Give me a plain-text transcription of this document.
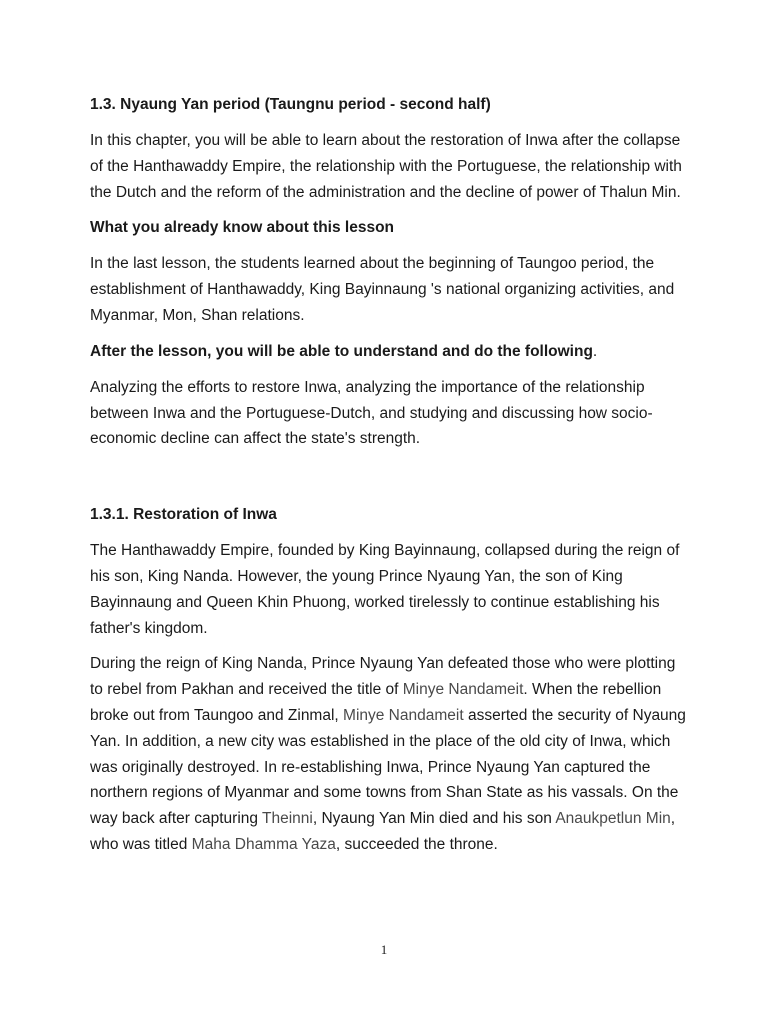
1.3. Nyaung Yan period (Taungnu period - second half)

In this chapter, you will be able to learn about the restoration of Inwa after the collapse of the Hanthawaddy Empire, the relationship with the Portuguese, the relationship with the Dutch and the reform of the administration and the decline of power of Thalun Min.

What you already know about this lesson

In the last lesson, the students learned about the beginning of Taungoo period, the establishment of Hanthawaddy, King Bayinnaung 's national organizing activities, and Myanmar, Mon, Shan relations.

After the lesson, you will be able to understand and do the following.

Analyzing the efforts to restore Inwa, analyzing the importance of the relationship between Inwa and the Portuguese-Dutch, and studying and discussing how socio-economic decline can affect the state's strength.

1.3.1. Restoration of Inwa

The Hanthawaddy Empire, founded by King Bayinnaung, collapsed during the reign of his son, King Nanda. However, the young Prince Nyaung Yan, the son of King Bayinnaung and Queen Khin Phuong, worked tirelessly to continue establishing his father's kingdom.

During the reign of King Nanda, Prince Nyaung Yan defeated those who were plotting to rebel from Pakhan and received the title of Minye Nandameit. When the rebellion broke out from Taungoo and Zinmal, Minye Nandameit asserted the security of Nyaung Yan. In addition, a new city was established in the place of the old city of Inwa, which was originally destroyed. In re-establishing Inwa, Prince Nyaung Yan captured the northern regions of Myanmar and some towns from Shan State as his vassals. On the way back after capturing Theinni, Nyaung Yan Min died and his son Anaukpetlun Min, who was titled Maha Dhamma Yaza, succeeded the throne.

1
